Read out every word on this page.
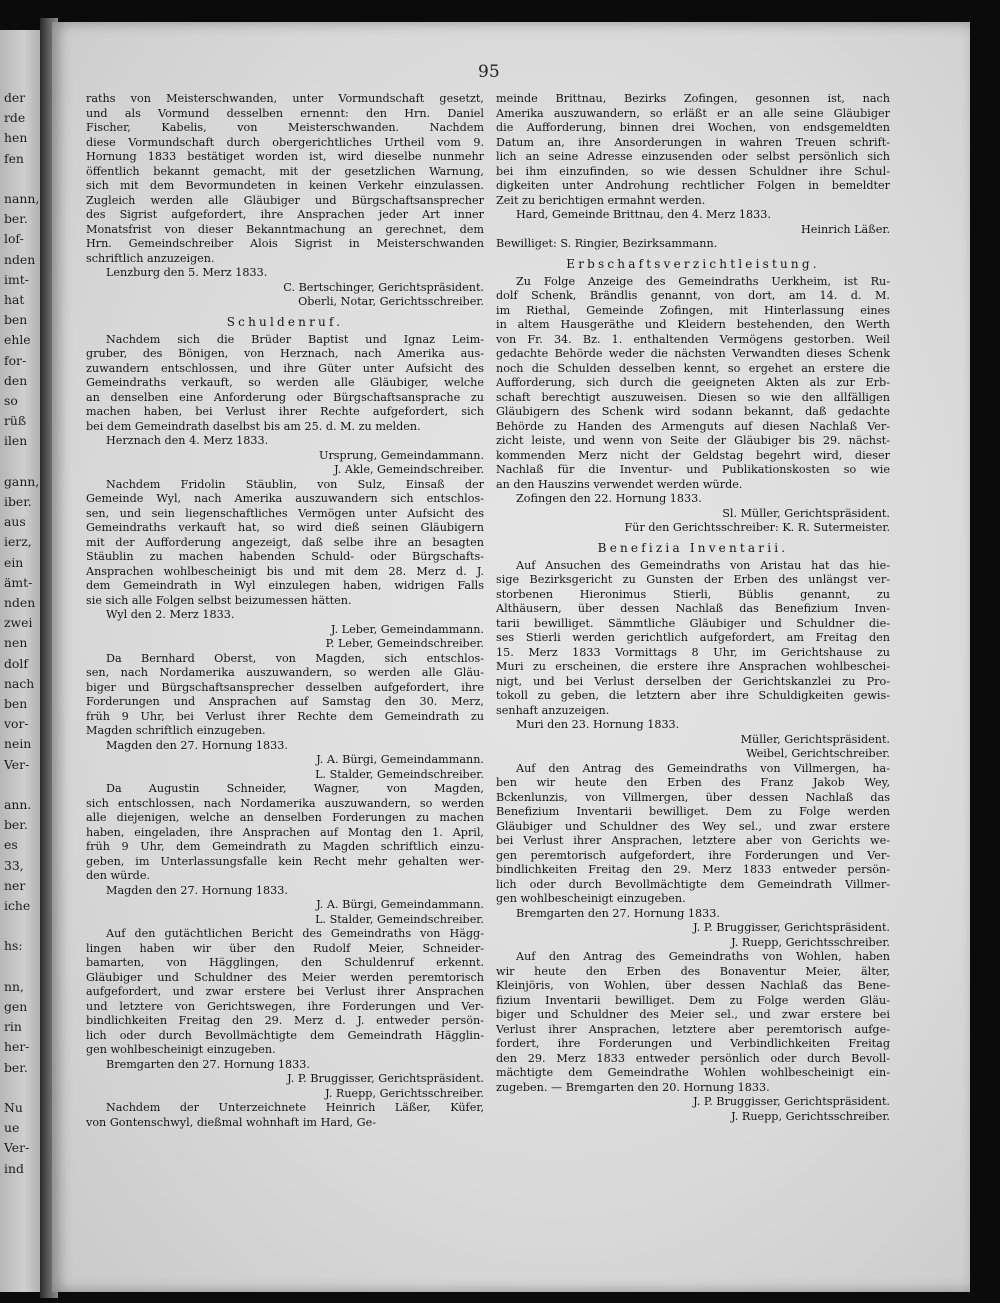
der
rde
hen
fen
nann,
ber.
lof-
nden
imt-
hat
ben
ehle
for-
den
so
rüß
ilen
gann,
iber.
aus
ierz,
ein
ämt-
nden
zwei
nen
dolf
nach
ben
vor-
nein
Ver-
ann.
ber.
es
33,
ner
iche
hs:
nn,
gen
rin
her-
ber.
Nu
ue
Ver-
ind
95
raths von Meisterschwanden, unter Vormundschaft gesetzt,
und als Vormund desselben ernennt: den Hrn. Daniel
Fischer, Kabelis, von Meisterschwanden. Nachdem
diese Vormundschaft durch obergerichtliches Urtheil vom 9.
Hornung 1833 bestätiget worden ist, wird dieselbe nunmehr
öffentlich bekannt gemacht, mit der gesetzlichen Warnung,
sich mit dem Bevormundeten in keinen Verkehr einzulassen.
Zugleich werden alle Gläubiger und Bürgschaftsansprecher
des Sigrist aufgefordert, ihre Ansprachen jeder Art inner
Monatsfrist von dieser Bekanntmachung an gerechnet, dem
Hrn. Gemeindschreiber Alois Sigrist in Meisterschwanden
schriftlich anzuzeigen.
Lenzburg den 5. Merz 1833.
C. Bertschinger, Gerichtspräsident.
Oberli, Notar, Gerichtsschreiber.
Schuldenruf.
Nachdem sich die Brüder Baptist und Ignaz Leim-
gruber, des Bönigen, von Herznach, nach Amerika aus-
zuwandern entschlossen, und ihre Güter unter Aufsicht des
Gemeindraths verkauft, so werden alle Gläubiger, welche
an denselben eine Anforderung oder Bürgschaftsansprache zu
machen haben, bei Verlust ihrer Rechte aufgefordert, sich
bei dem Gemeindrath daselbst bis am 25. d. M. zu melden.
Herznach den 4. Merz 1833.
Ursprung, Gemeindammann.
J. Akle, Gemeindschreiber.
Nachdem Fridolin Stäublin, von Sulz, Einsaß der
Gemeinde Wyl, nach Amerika auszuwandern sich entschlos-
sen, und sein liegenschaftliches Vermögen unter Aufsicht des
Gemeindraths verkauft hat, so wird dieß seinen Gläubigern
mit der Aufforderung angezeigt, daß selbe ihre an besagten
Stäublin zu machen habenden Schuld- oder Bürgschafts-
Ansprachen wohlbescheinigt bis und mit dem 28. Merz d. J.
dem Gemeindrath in Wyl einzulegen haben, widrigen Falls
sie sich alle Folgen selbst beizumessen hätten.
Wyl den 2. Merz 1833.
J. Leber, Gemeindammann.
P. Leber, Gemeindschreiber.
Da Bernhard Oberst, von Magden, sich entschlos-
sen, nach Nordamerika auszuwandern, so werden alle Gläu-
biger und Bürgschaftsansprecher desselben aufgefordert, ihre
Forderungen und Ansprachen auf Samstag den 30. Merz,
früh 9 Uhr, bei Verlust ihrer Rechte dem Gemeindrath zu
Magden schriftlich einzugeben.
Magden den 27. Hornung 1833.
J. A. Bürgi, Gemeindammann.
L. Stalder, Gemeindschreiber.
Da Augustin Schneider, Wagner, von Magden,
sich entschlossen, nach Nordamerika auszuwandern, so werden
alle diejenigen, welche an denselben Forderungen zu machen
haben, eingeladen, ihre Ansprachen auf Montag den 1. April,
früh 9 Uhr, dem Gemeindrath zu Magden schriftlich einzu-
geben, im Unterlassungsfalle kein Recht mehr gehalten wer-
den würde.
Magden den 27. Hornung 1833.
J. A. Bürgi, Gemeindammann.
L. Stalder, Gemeindschreiber.
Auf den gutächtlichen Bericht des Gemeindraths von Hägg-
lingen haben wir über den Rudolf Meier, Schneider-
bamarten, von Hägglingen, den Schuldenruf erkennt.
Gläubiger und Schuldner des Meier werden peremtorisch
aufgefordert, und zwar erstere bei Verlust ihrer Ansprachen
und letztere von Gerichtswegen, ihre Forderungen und Ver-
bindlichkeiten Freitag den 29. Merz d. J. entweder persön-
lich oder durch Bevollmächtigte dem Gemeindrath Hägglin-
gen wohlbescheinigt einzugeben.
Bremgarten den 27. Hornung 1833.
J. P. Bruggisser, Gerichtspräsident.
J. Ruepp, Gerichtsschreiber.
Nachdem der Unterzeichnete Heinrich Läßer, Küfer,
von Gontenschwyl, dießmal wohnhaft im Hard, Ge-
meinde Brittnau, Bezirks Zofingen, gesonnen ist, nach
Amerika auszuwandern, so erläßt er an alle seine Gläubiger
die Aufforderung, binnen drei Wochen, von endsgemeldten
Datum an, ihre Ansorderungen in wahren Treuen schrift-
lich an seine Adresse einzusenden oder selbst persönlich sich
bei ihm einzufinden, so wie dessen Schuldner ihre Schul-
digkeiten unter Androhung rechtlicher Folgen in bemeldter
Zeit zu berichtigen ermahnt werden.
Hard, Gemeinde Brittnau, den 4. Merz 1833.
Heinrich Läßer.
Bewilliget: S. Ringier, Bezirksammann.
Erbschaftsverzichtleistung.
Zu Folge Anzeige des Gemeindraths Uerkheim, ist Ru-
dolf Schenk, Brändlis genannt, von dort, am 14. d. M.
im Riethal, Gemeinde Zofingen, mit Hinterlassung eines
in altem Hausgeräthe und Kleidern bestehenden, den Werth
von Fr. 34. Bz. 1. enthaltenden Vermögens gestorben. Weil
gedachte Behörde weder die nächsten Verwandten dieses Schenk
noch die Schulden desselben kennt, so ergehet an erstere die
Aufforderung, sich durch die geeigneten Akten als zur Erb-
schaft berechtigt auszuweisen. Diesen so wie den allfälligen
Gläubigern des Schenk wird sodann bekannt, daß gedachte
Behörde zu Handen des Armenguts auf diesen Nachlaß Ver-
zicht leiste, und wenn von Seite der Gläubiger bis 29. nächst-
kommenden Merz nicht der Geldstag begehrt wird, dieser
Nachlaß für die Inventur- und Publikationskosten so wie
an den Hauszins verwendet werden würde.
Zofingen den 22. Hornung 1833.
Sl. Müller, Gerichtspräsident.
Für den Gerichtsschreiber: K. R. Sutermeister.
Benefizia Inventarii.
Auf Ansuchen des Gemeindraths von Aristau hat das hie-
sige Bezirksgericht zu Gunsten der Erben des unlängst ver-
storbenen Hieronimus Stierli, Büblis genannt, zu
Althäusern, über dessen Nachlaß das Benefizium Inven-
tarii bewilliget. Sämmtliche Gläubiger und Schuldner die-
ses Stierli werden gerichtlich aufgefordert, am Freitag den
15. Merz 1833 Vormittags 8 Uhr, im Gerichtshause zu
Muri zu erscheinen, die erstere ihre Ansprachen wohlbeschei-
nigt, und bei Verlust derselben der Gerichtskanzlei zu Pro-
tokoll zu geben, die letztern aber ihre Schuldigkeiten gewis-
senhaft anzuzeigen.
Muri den 23. Hornung 1833.
Müller, Gerichtspräsident.
Weibel, Gerichtschreiber.
Auf den Antrag des Gemeindraths von Villmergen, ha-
ben wir heute den Erben des Franz Jakob Wey,
Bckenlunzis, von Villmergen, über dessen Nachlaß das
Benefizium Inventarii bewilliget. Dem zu Folge werden
Gläubiger und Schuldner des Wey sel., und zwar erstere
bei Verlust ihrer Ansprachen, letztere aber von Gerichts we-
gen peremtorisch aufgefordert, ihre Forderungen und Ver-
bindlichkeiten Freitag den 29. Merz 1833 entweder persön-
lich oder durch Bevollmächtigte dem Gemeindrath Villmer-
gen wohlbescheinigt einzugeben.
Bremgarten den 27. Hornung 1833.
J. P. Bruggisser, Gerichtspräsident.
J. Ruepp, Gerichtsschreiber.
Auf den Antrag des Gemeindraths von Wohlen, haben
wir heute den Erben des Bonaventur Meier, älter,
Kleinjöris, von Wohlen, über dessen Nachlaß das Bene-
fizium Inventarii bewilliget. Dem zu Folge werden Gläu-
biger und Schuldner des Meier sel., und zwar erstere bei
Verlust ihrer Ansprachen, letztere aber peremtorisch aufge-
fordert, ihre Forderungen und Verbindlichkeiten Freitag
den 29. Merz 1833 entweder persönlich oder durch Bevoll-
mächtigte dem Gemeindrathe Wohlen wohlbescheinigt ein-
zugeben. — Bremgarten den 20. Hornung 1833.
J. P. Bruggisser, Gerichtspräsident.
J. Ruepp, Gerichtsschreiber.
